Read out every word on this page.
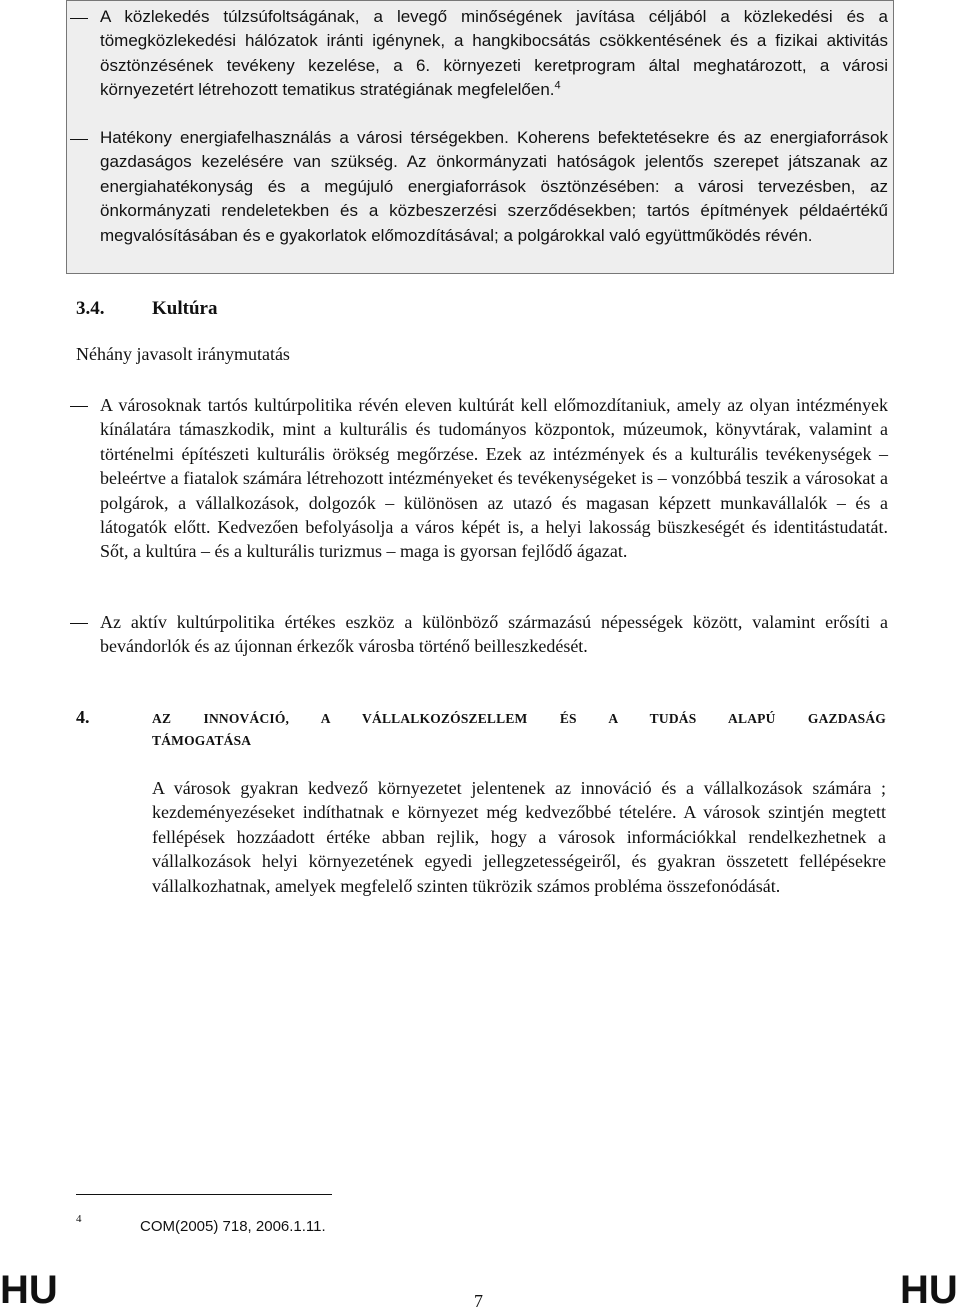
A közlekedés túlzsúfoltságának, a levegő minőségének javítása céljából a közlekedési és a tömegközlekedési hálózatok iránti igénynek, a hangkibocsátás csökkentésének és a fizikai aktivitás ösztönzésének tevékeny kezelése, a 6. környezeti keretprogram által meghatározott, a városi környezetért létrehozott tematikus stratégiának megfelelően.$^4$
Hatékony energiafelhasználás a városi térségekben. Koherens befektetésekre és az energiaforrások gazdaságos kezelésére van szükség. Az önkormányzati hatóságok jelentős szerepet játszanak az energiahatékonyság és a megújuló energiaforrások ösztönzésében: a városi tervezésben, az önkormányzati rendeletekben és a közbeszerzési szerződésekben; tartós építmények példaértékű megvalósításában és e gyakorlatok előmozdításával; a polgárokkal való együttműködés révén.
3.4.	Kultúra
Néhány javasolt iránymutatás
A városoknak tartós kultúrpolitika révén eleven kultúrát kell előmozdítaniuk, amely az olyan intézmények kínálatára támaszkodik, mint a kulturális és tudományos központok, múzeumok, könyvtárak, valamint a történelmi építészeti kulturális örökség megőrzése. Ezek az intézmények és a kulturális tevékenységek – beleértve a fiatalok számára létrehozott intézményeket és tevékenységeket is – vonzóbbá teszik a városokat a polgárok, a vállalkozások, dolgozók – különösen az utazó és magasan képzett munkavállalók – és a látogatók előtt. Kedvezően befolyásolja a város képét is, a helyi lakosság büszkeségét és identitástudatát. Sőt, a kultúra – és a kulturális turizmus – maga is gyorsan fejlődő ágazat.
Az aktív kultúrpolitika értékes eszköz a különböző származású népességek között, valamint erősíti a bevándorlók és az újonnan érkezők városba történő beilleszkedését.
4.	AZ INNOVÁCIÓ, A VÁLLALKOZÓSZELLEM ÉS A TUDÁS ALAPÚ GAZDASÁG
TÁMOGATÁSA
A városok gyakran kedvező környezetet jelentenek az innováció és a vállalkozások számára ; kezdeményezéseket indíthatnak e környezet még kedvezőbbé tételére. A városok szintjén megtett fellépések hozzáadott értéke abban rejlik, hogy a városok információkkal rendelkezhetnek a vállalkozások helyi környezetének egyedi jellegzetességeiről, és gyakran összetett fellépésekre vállalkozhatnak, amelyek megfelelő szinten tükrözik számos probléma összefonódását.
4	COM(2005) 718, 2006.1.11.
HU	7	HU
